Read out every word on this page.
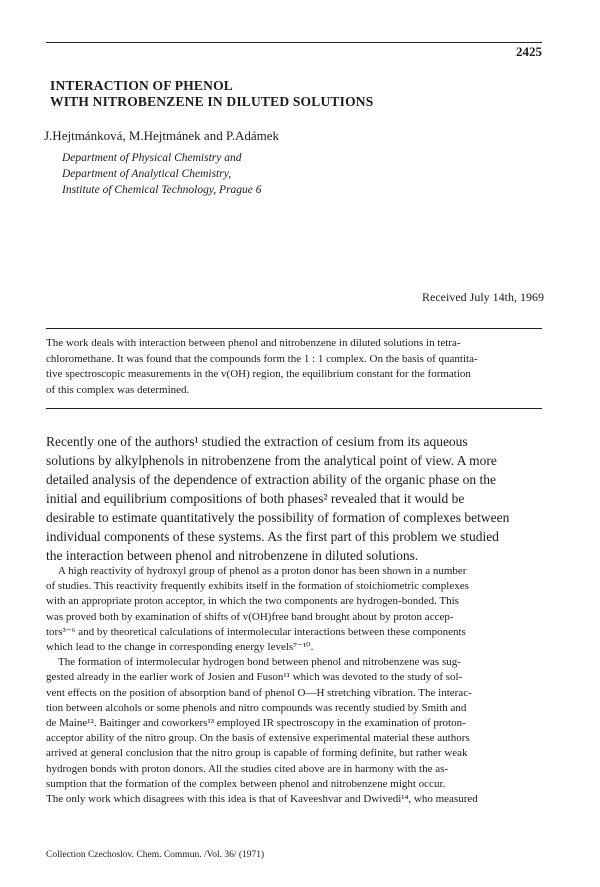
2425
INTERACTION OF PHENOL
WITH NITROBENZENE IN DILUTED SOLUTIONS
J.Hejtmánková, M.Hejtmánek and P.Adámek
Department of Physical Chemistry and
Department of Analytical Chemistry,
Institute of Chemical Technology, Prague 6
Received July 14th, 1969
The work deals with interaction between phenol and nitrobenzene in diluted solutions in tetra-
chloromethane. It was found that the compounds form the 1 : 1 complex. On the basis of quantita-
tive spectroscopic measurements in the v(OH) region, the equilibrium constant for the formation
of this complex was determined.
Recently one of the authors¹ studied the extraction of cesium from its aqueous
solutions by alkylphenols in nitrobenzene from the analytical point of view. A more
detailed analysis of the dependence of extraction ability of the organic phase on the
initial and equilibrium compositions of both phases² revealed that it would be
desirable to estimate quantitatively the possibility of formation of complexes between
individual components of these systems. As the first part of this problem we studied
the interaction between phenol and nitrobenzene in diluted solutions.
A high reactivity of hydroxyl group of phenol as a proton donor has been shown in a number
of studies. This reactivity frequently exhibits itself in the formation of stoichiometric complexes
with an appropriate proton acceptor, in which the two components are hydrogen-bonded. This
was proved both by examination of shifts of v(OH)free band brought about by proton accep-
tors³⁻⁶ and by theoretical calculations of intermolecular interactions between these components
which lead to the change in corresponding energy levels⁷⁻¹⁰.
The formation of intermolecular hydrogen bond between phenol and nitrobenzene was sug-
gested already in the earlier work of Josien and Fuson¹¹ which was devoted to the study of sol-
vent effects on the position of absorption band of phenol O—H stretching vibration. The interac-
tion between alcohols or some phenols and nitro compounds was recently studied by Smith and
de Maine¹². Baitinger and coworkers¹³ employed IR spectroscopy in the examination of proton-
acceptor ability of the nitro group. On the basis of extensive experimental material these authors
arrived at general conclusion that the nitro group is capable of forming definite, but rather weak
hydrogen bonds with proton donors. All the studies cited above are in harmony with the as-
sumption that the formation of the complex between phenol and nitrobenzene might occur.
The only work which disagrees with this idea is that of Kaveeshvar and Dwivedi¹⁴, who measured
Collection Czechoslov. Chem. Commun. /Vol. 36/ (1971)
